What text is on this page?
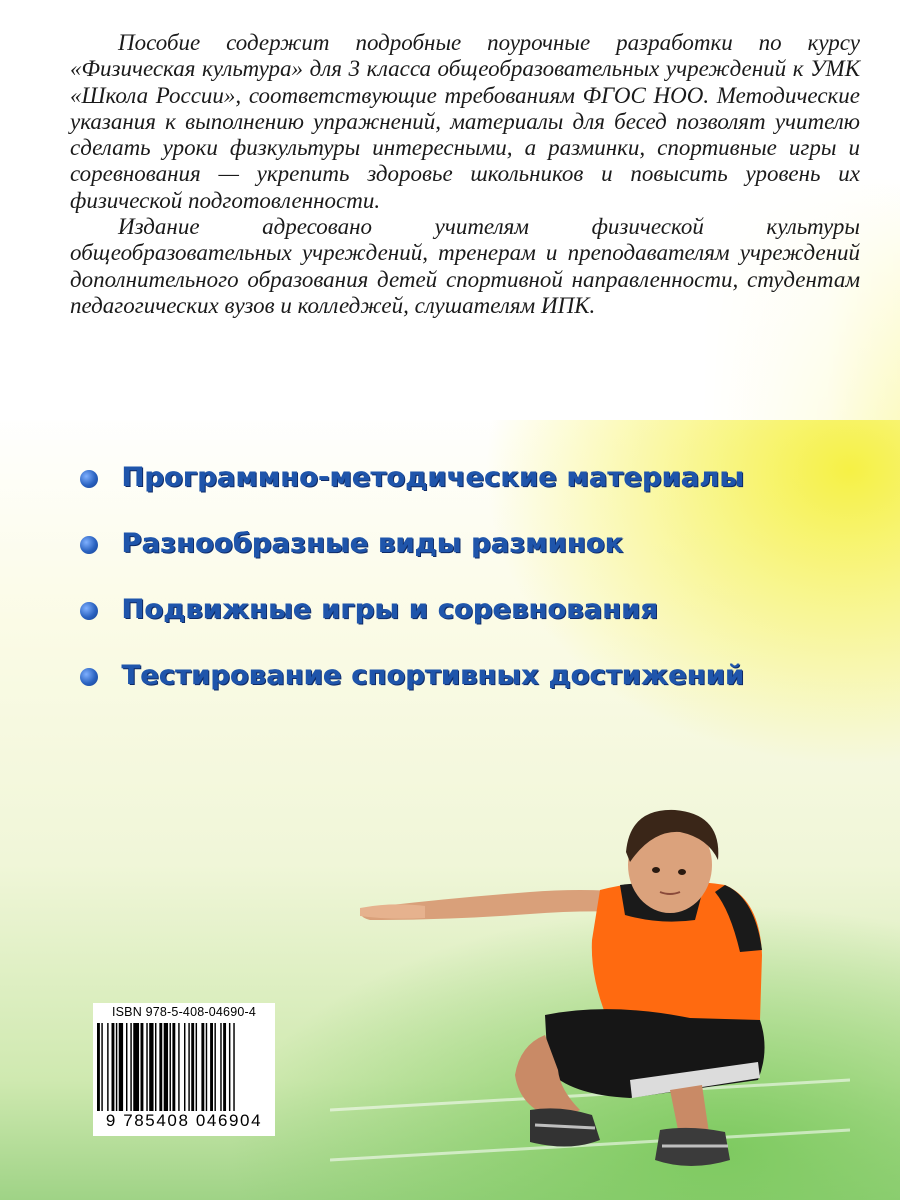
Пособие содержит подробные поурочные разработки по курсу «Физическая культура» для 3 класса общеобразовательных учреждений к УМК «Школа России», соответствующие требованиям ФГОС НОО. Методические указания к выполнению упражнений, материалы для бесед позволят учителю сделать уроки физкультуры интересными, а разминки, спортивные игры и соревнования — укрепить здоровье школьников и повысить уровень их физической подготовленности.

Издание адресовано учителям физической культуры общеобразовательных учреждений, тренерам и преподавателям учреждений дополнительного образования детей спортивной направленности, студентам педагогических вузов и колледжей, слушателям ИПК.

Программно-методические материалы
Разнообразные виды разминок
Подвижные игры и соревнования
Тестирование спортивных достижений
ISBN 978-5-408-04690-4
9 785408 046904
